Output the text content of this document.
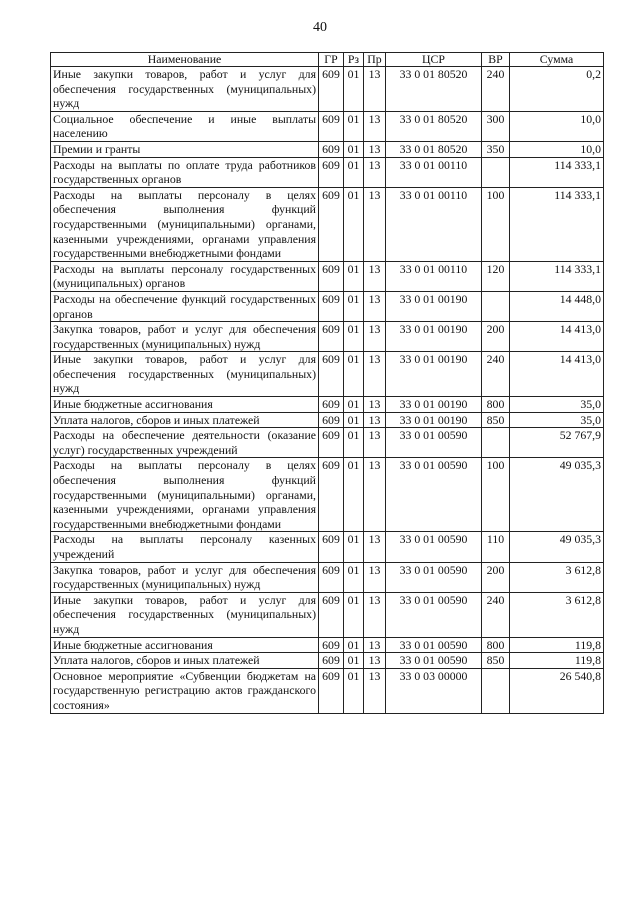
40
Наименование	ГР	Рз	Пр	ЦСР	ВР	Сумма
Иные закупки товаров, работ и услуг для обеспечения государственных (муниципальных) нужд	609	01	13	33 0 01 80520	240	0,2
Социальное обеспечение и иные выплаты населению	609	01	13	33 0 01 80520	300	10,0
Премии и гранты	609	01	13	33 0 01 80520	350	10,0
Расходы на выплаты по оплате труда работников государственных органов	609	01	13	33 0 01 00110		114 333,1
Расходы на выплаты персоналу в целях обеспечения выполнения функций государственными (муниципальными) органами, казенными учреждениями, органами управления государственными внебюджетными фондами	609	01	13	33 0 01 00110	100	114 333,1
Расходы на выплаты персоналу государственных (муниципальных) органов	609	01	13	33 0 01 00110	120	114 333,1
Расходы на обеспечение функций государственных органов	609	01	13	33 0 01 00190		14 448,0
Закупка товаров, работ и услуг для обеспечения государственных (муниципальных) нужд	609	01	13	33 0 01 00190	200	14 413,0
Иные закупки товаров, работ и услуг для обеспечения государственных (муниципальных) нужд	609	01	13	33 0 01 00190	240	14 413,0
Иные бюджетные ассигнования	609	01	13	33 0 01 00190	800	35,0
Уплата налогов, сборов и иных платежей	609	01	13	33 0 01 00190	850	35,0
Расходы на обеспечение деятельности (оказание услуг) государственных учреждений	609	01	13	33 0 01 00590		52 767,9
Расходы на выплаты персоналу в целях обеспечения выполнения функций государственными (муниципальными) органами, казенными учреждениями, органами управления государственными внебюджетными фондами	609	01	13	33 0 01 00590	100	49 035,3
Расходы на выплаты персоналу казенных учреждений	609	01	13	33 0 01 00590	110	49 035,3
Закупка товаров, работ и услуг для обеспечения государственных (муниципальных) нужд	609	01	13	33 0 01 00590	200	3 612,8
Иные закупки товаров, работ и услуг для обеспечения государственных (муниципальных) нужд	609	01	13	33 0 01 00590	240	3 612,8
Иные бюджетные ассигнования	609	01	13	33 0 01 00590	800	119,8
Уплата налогов, сборов и иных платежей	609	01	13	33 0 01 00590	850	119,8
Основное мероприятие «Субвенции бюджетам на государственную регистрацию актов гражданского состояния»	609	01	13	33 0 03 00000		26 540,8
